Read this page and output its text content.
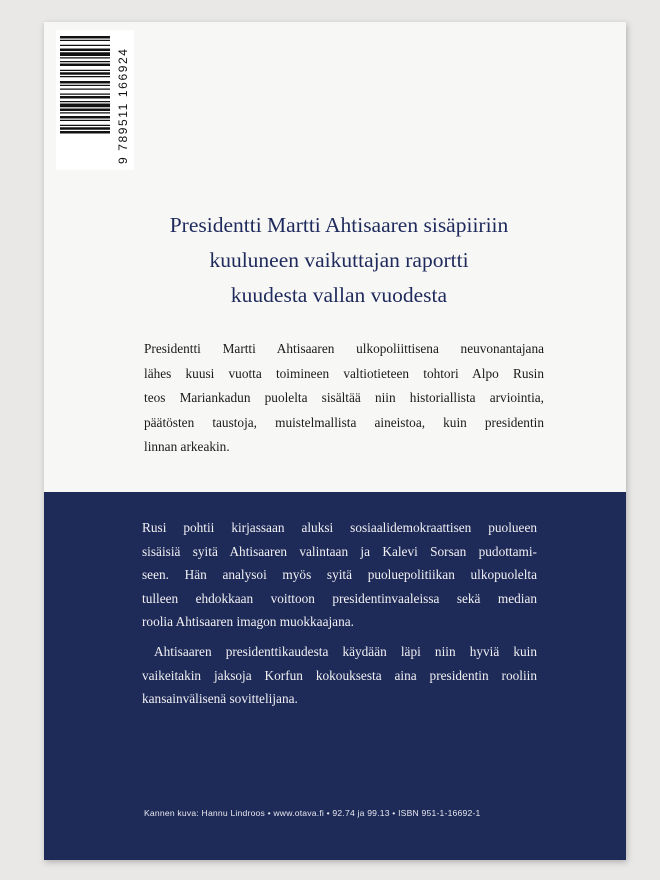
9 789511 166924
Presidentti Martti Ahtisaaren sisäpiiriin
kuuluneen vaikuttajan raportti
kuudesta vallan vuodesta
Presidentti Martti Ahtisaaren ulkopoliittisena neuvonantajana
lähes kuusi vuotta toimineen valtiotieteen tohtori Alpo Rusin
teos Mariankadun puolelta sisältää niin historiallista arviointia,
päätösten taustoja, muistelmallista aineistoa, kuin presidentin
linnan arkeakin.
Rusi pohtii kirjassaan aluksi sosiaalidemokraattisen puolueen
sisäisiä syitä Ahtisaaren valintaan ja Kalevi Sorsan pudottami-
seen. Hän analysoi myös syitä puoluepolitiikan ulkopuolelta
tulleen ehdokkaan voittoon presidentinvaaleissa sekä median
roolia Ahtisaaren imagon muokkaajana.
Ahtisaaren presidenttikaudesta käydään läpi niin hyviä kuin
vaikeitakin jaksoja Korfun kokouksesta aina presidentin rooliin
kansainvälisenä sovittelijana.
Kannen kuva: Hannu Lindroos • www.otava.fi • 92.74 ja 99.13 • ISBN 951-1-16692-1
